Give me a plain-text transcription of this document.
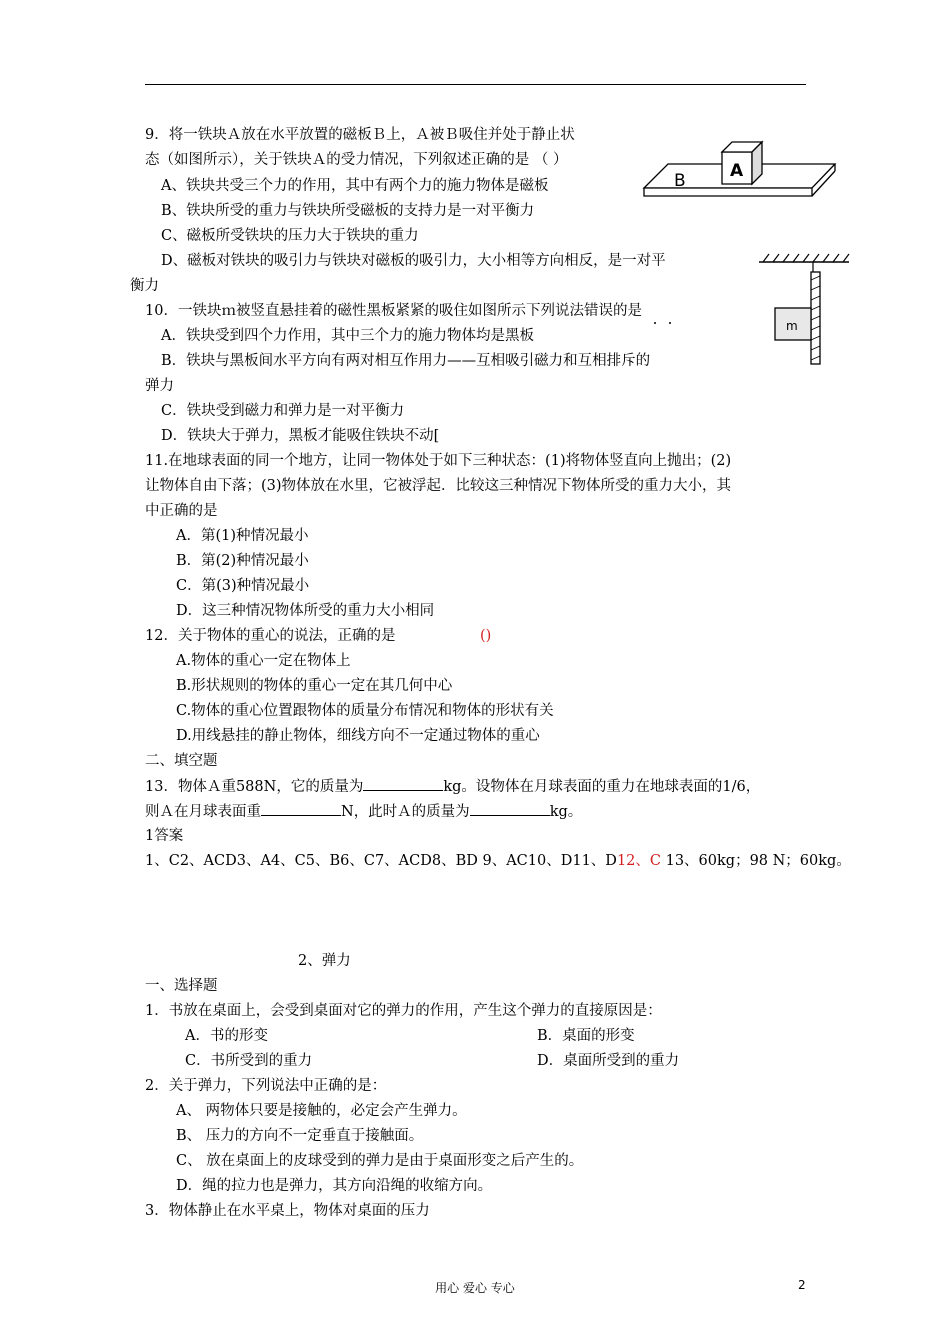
9．将一铁块Ａ放在水平放置的磁板Ｂ上，Ａ被Ｂ吸住并处于静止状
态（如图所示），关于铁块Ａ的受力情况，下列叙述正确的是 （ ）
A、铁块共受三个力的作用，其中有两个力的施力物体是磁板
B、铁块所受的重力与铁块所受磁板的支持力是一对平衡力
C、磁板所受铁块的压力大于铁块的重力
D、磁板对铁块的吸引力与铁块对磁板的吸引力，大小相等方向相反，是一对平
衡力
A
B
10．一铁块ｍ被竖直悬挂着的磁性黑板紧紧的吸住如图所示下列说法错误的是
A．铁块受到四个力作用，其中三个力的施力物体均是黑板
B．铁块与黑板间水平方向有两对相互作用力——互相吸引磁力和互相排斥的
弹力
C．铁块受到磁力和弹力是一对平衡力
D．铁块大于弹力，黑板才能吸住铁块不动[
m
11.在地球表面的同一个地方，让同一物体处于如下三种状态：(1)将物体竖直向上抛出；(2)
让物体自由下落；(3)物体放在水里，它被浮起．比较这三种情况下物体所受的重力大小，其
中正确的是
A．第(1)种情况最小
B．第(2)种情况最小
C．第(3)种情况最小
D．这三种情况物体所受的重力大小相同
12．关于物体的重心的说法，正确的是	()
A.物体的重心一定在物体上
B.形状规则的物体的重心一定在其几何中心
C.物体的重心位置跟物体的质量分布情况和物体的形状有关
D.用线悬挂的静止物体，细线方向不一定通过物体的重心
二、填空题
13．物体Ａ重588N，它的质量为	kg。设物体在月球表面的重力在地球表面的1/6，
则Ａ在月球表面重	N，此时Ａ的质量为	kg。
1答案
1、C2、ACD3、A4、C5、B6、C7、ACD8、BD 9、AC10、D11、D12、C 13、60kg；98 N；60kg。
2、弹力
一、选择题
1．书放在桌面上，会受到桌面对它的弹力的作用，产生这个弹力的直接原因是：
A．书的形变	B．桌面的形变
C．书所受到的重力	D．桌面所受到的重力
2．关于弹力，下列说法中正确的是：
A、 两物体只要是接触的，必定会产生弹力。
B、 压力的方向不一定垂直于接触面。
C、 放在桌面上的皮球受到的弹力是由于桌面形变之后产生的。
D．绳的拉力也是弹力，其方向沿绳的收缩方向。
3．物体静止在水平桌上，物体对桌面的压力
用心 爱心 专心	2
